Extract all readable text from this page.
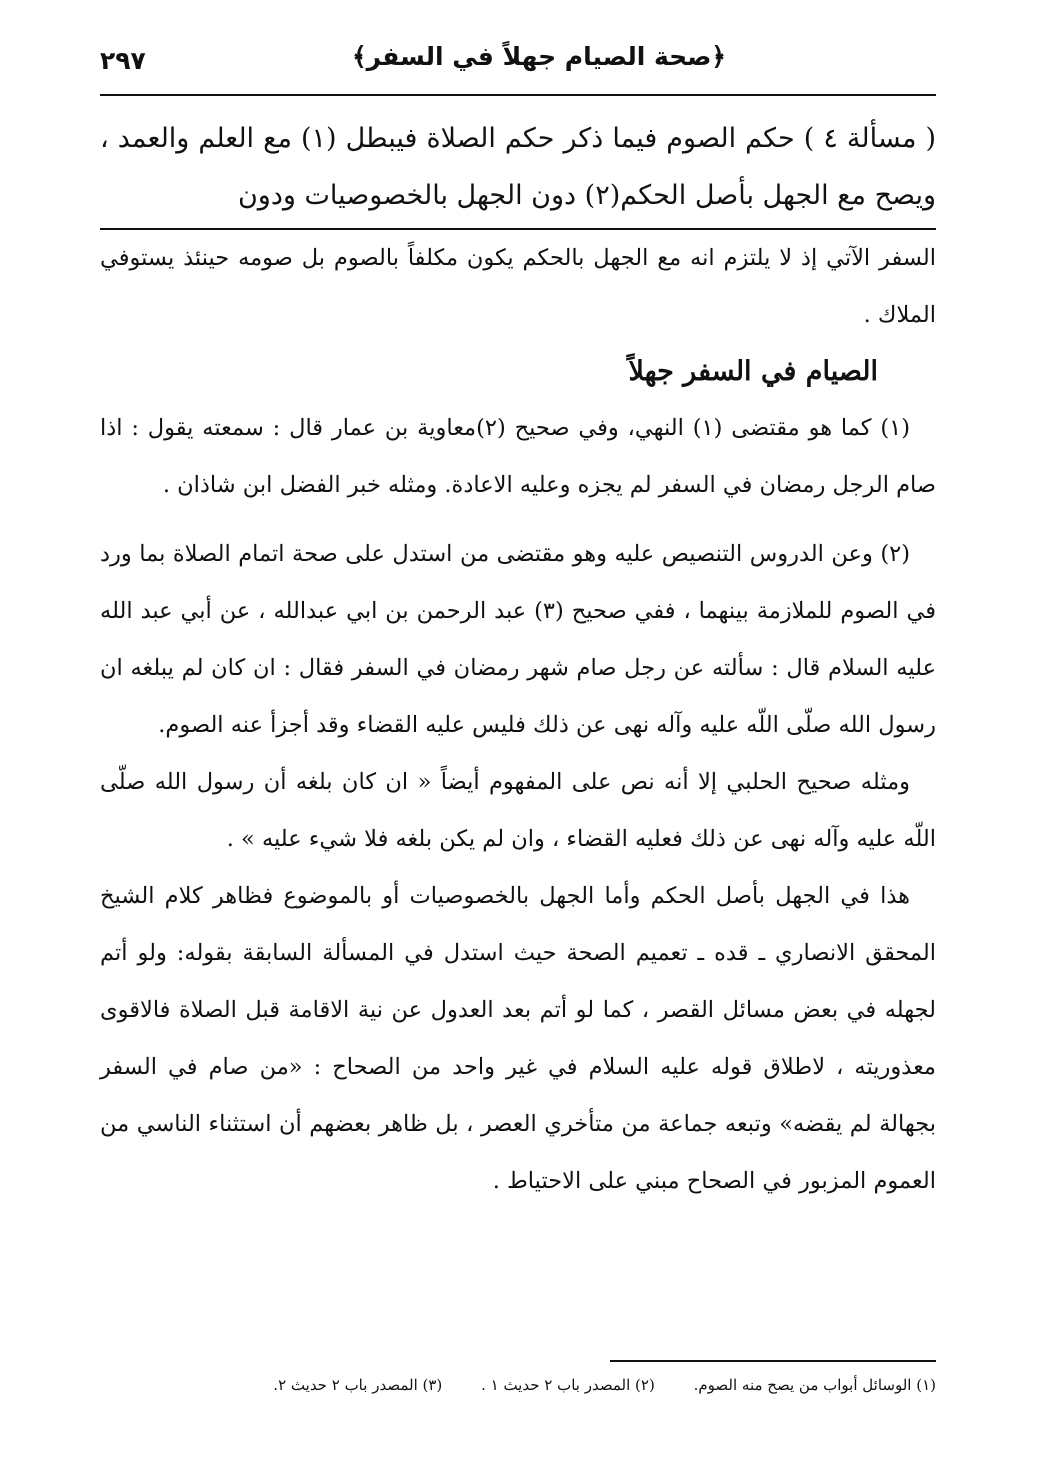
﴿صحة الصيام جهلاً في السفر﴾
٢٩٧

( مسألة ٤ ) حكم الصوم فيما ذكر حكم الصلاة فيبطل (١) مع العلم والعمد ، ويصح مع الجهل بأصل الحكم(٢) دون الجهل بالخصوصيات ودون

السفر الآتي إذ لا يلتزم انه مع الجهل بالحكم يكون مكلفاً بالصوم بل صومه حينئذ يستوفي الملاك .

الصيام في السفر جهلاً

(١) كما هو مقتضى (١) النهي، وفي صحيح (٢)معاوية بن عمار قال : سمعته يقول : اذا صام الرجل رمضان في السفر لم يجزه وعليه الاعادة. ومثله خبر الفضل ابن شاذان .

(٢) وعن الدروس التنصيص عليه وهو مقتضى من استدل على صحة اتمام الصلاة بما ورد في الصوم للملازمة بينهما ، ففي صحيح (٣) عبد الرحمن بن ابي عبدالله ، عن أبي عبد الله عليه السلام قال : سألته عن رجل صام شهر رمضان في السفر فقال : ان كان لم يبلغه ان رسول الله صلّى اللّه عليه وآله نهى عن ذلك فليس عليه القضاء وقد أجزأ عنه الصوم.

ومثله صحيح الحلبي إلا أنه نص على المفهوم أيضاً « ان كان بلغه أن رسول الله صلّى اللّه عليه وآله نهى عن ذلك فعليه القضاء ، وان لم يكن بلغه فلا شيء عليه » .

هذا في الجهل بأصل الحكم وأما الجهل بالخصوصيات أو بالموضوع فظاهر كلام الشيخ المحقق الانصاري ـ قده ـ تعميم الصحة حيث استدل في المسألة السابقة بقوله: ولو أتم لجهله في بعض مسائل القصر ، كما لو أتم بعد العدول عن نية الاقامة قبل الصلاة فالاقوى معذوريته ، لاطلاق قوله عليه السلام في غير واحد من الصحاح : «من صام في السفر بجهالة لم يقضه» وتبعه جماعة من متأخري العصر ، بل ظاهر بعضهم أن استثناء الناسي من العموم المزبور في الصحاح مبني على الاحتياط .

(١) الوسائل أبواب من يصح منه الصوم. (٢) المصدر باب ٢ حديث ١ . (٣) المصدر باب ٢ حديث ٢.
